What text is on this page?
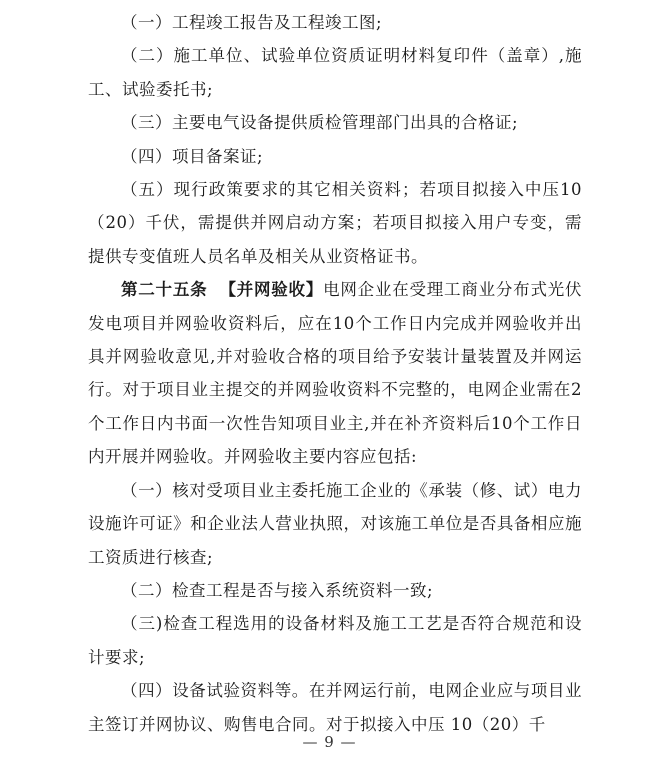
（一）工程竣工报告及工程竣工图;

（二）施工单位、试验单位资质证明材料复印件（盖章）,施工、试验委托书;

（三）主要电气设备提供质检管理部门出具的合格证;

（四）项目备案证;

（五）现行政策要求的其它相关资料；若项目拟接入中压10（20）千伏，需提供并网启动方案；若项目拟接入用户专变，需提供专变值班人员名单及相关从业资格证书。

第二十五条 【并网验收】电网企业在受理工商业分布式光伏发电项目并网验收资料后，应在10个工作日内完成并网验收并出具并网验收意见,并对验收合格的项目给予安装计量装置及并网运行。对于项目业主提交的并网验收资料不完整的，电网企业需在2个工作日内书面一次性告知项目业主,并在补齐资料后10个工作日内开展并网验收。并网验收主要内容应包括:

（一）核对受项目业主委托施工企业的《承装（修、试）电力设施许可证》和企业法人营业执照，对该施工单位是否具备相应施工资质进行核查;

（二）检查工程是否与接入系统资料一致;

（三)检查工程选用的设备材料及施工工艺是否符合规范和设计要求;

（四）设备试验资料等。在并网运行前，电网企业应与项目业主签订并网协议、购售电合同。对于拟接入中压 10（20）千

— 9 —
